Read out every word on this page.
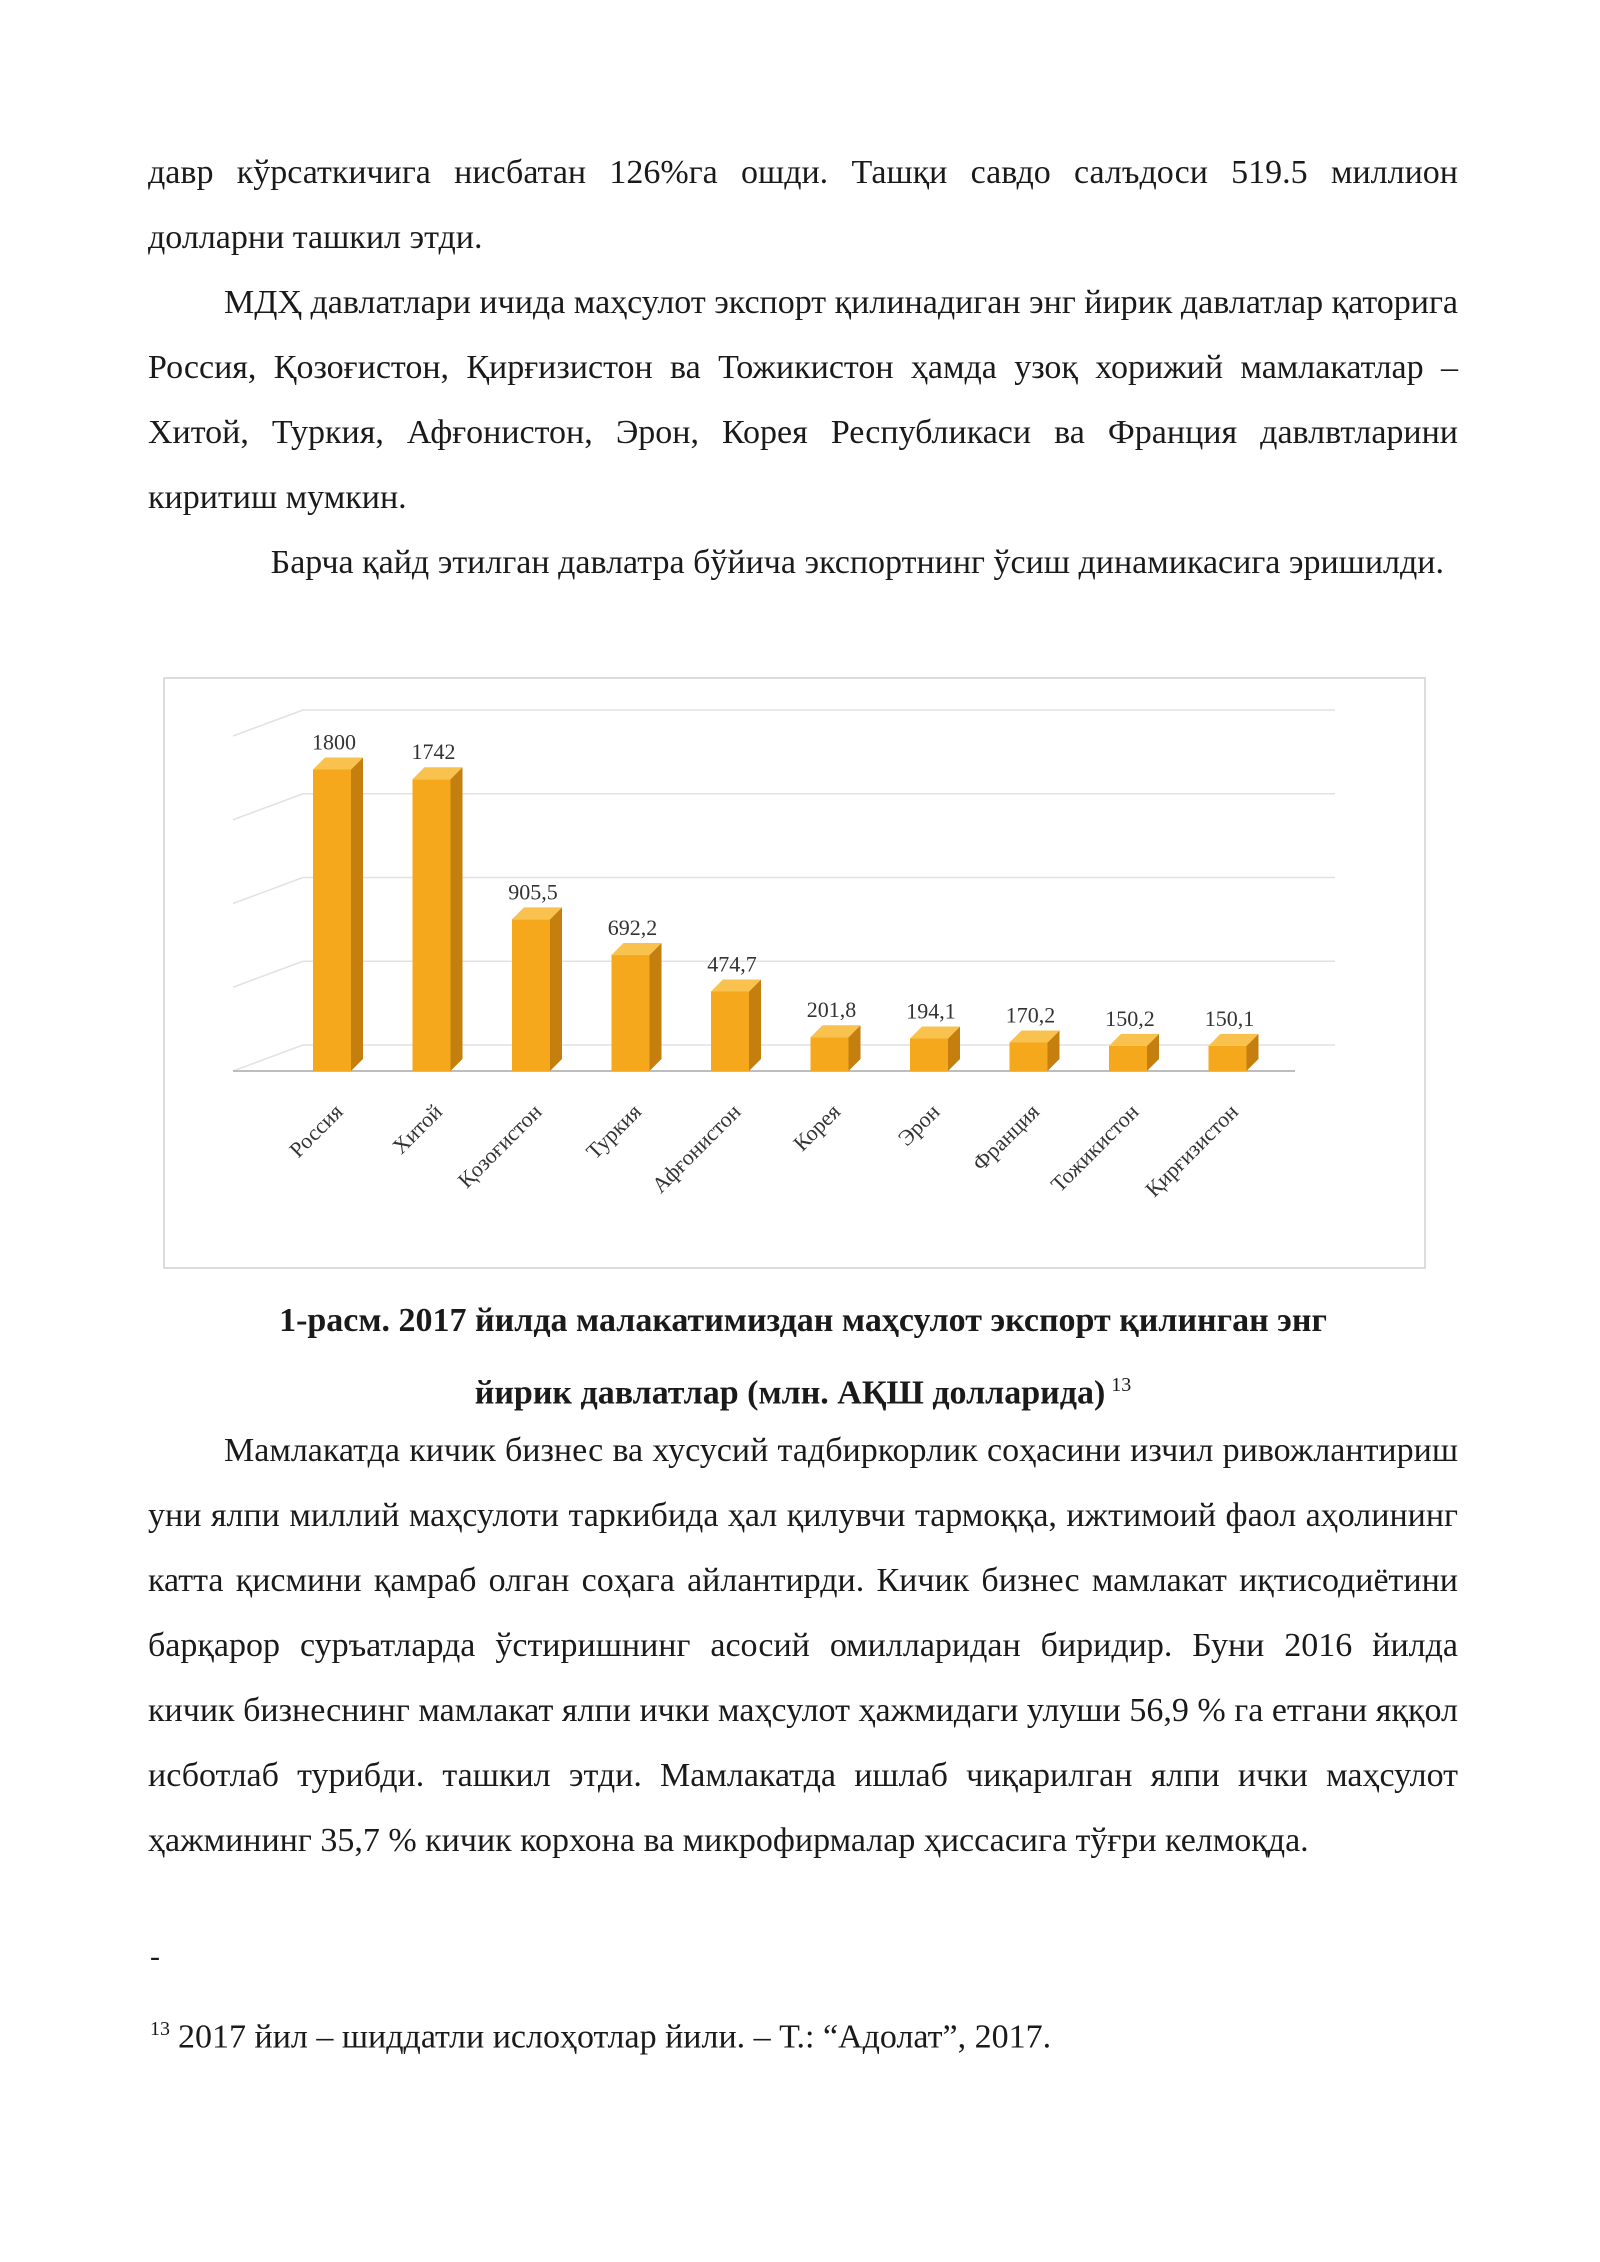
давр кўрсаткичига нисбатан 126%га ошди. Ташқи савдо салъдоси 519.5 миллион долларни ташкил этди.

МДҲ давлатлари ичида маҳсулот экспорт қилинадиган энг йирик давлатлар қаторига Россия, Қозоғистон, Қирғизистон ва Тожикистон ҳамда узоқ хорижий мамлакатлар – Хитой, Туркия, Афғонистон, Эрон, Корея Республикаси ва Франция давлвтларини киритиш мумкин.

Барча қайд этилган давлатра бўйича экспортнинг ўсиш динамикасига эришилди.

1800
Россия
1742
Хитой
905,5
Қозоғистон
692,2
Туркия
474,7
Афғонистон
201,8
Корея
194,1
Эрон
170,2
Франция
150,2
Тожикистон
150,1
Қирғизистон

1-расм. 2017 йилда малакатимиздан маҳсулот экспорт қилинган энг

йирик давлатлар (млн. АҚШ долларида) $^{13}$

Мамлакатда кичик бизнес ва хусусий тадбиркорлик соҳасини изчил ривожлантириш уни ялпи миллий маҳсулоти таркибида ҳал қилувчи тармоққа, ижтимоий фаол аҳолининг катта қисмини қамраб олган соҳага айлантирди. Кичик бизнес мамлакат иқтисодиётини барқарор суръатларда ўстиришнинг асосий омилларидан биридир. Буни 2016 йилда кичик бизнеснинг мамлакат ялпи ички маҳсулот ҳажмидаги улуши 56,9 % га етгани яққол исботлаб турибди. ташкил этди. Мамлакатда ишлаб чиқарилган ялпи ички маҳсулот ҳажмининг 35,7 % кичик корхона ва микрофирмалар ҳиссасига тўғри келмоқда.

-

$^{13}$ 2017 йил – шиддатли ислоҳотлар йили. – Т.: “Адолат”, 2017.
